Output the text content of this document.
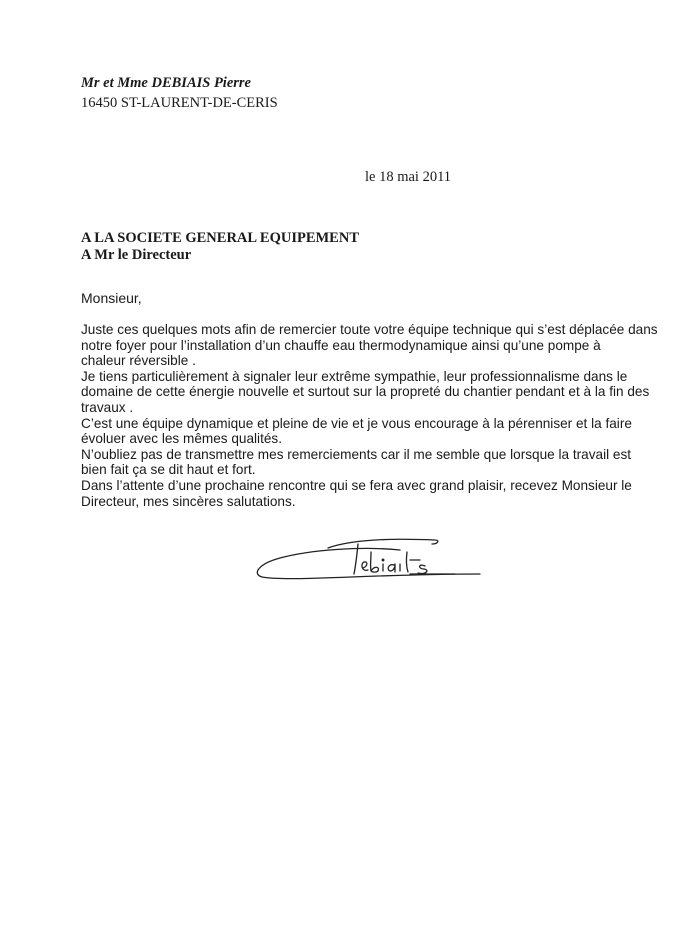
Mr et Mme DEBIAIS Pierre
16450 ST-LAURENT-DE-CERIS
le 18 mai 2011
A LA SOCIETE GENERAL EQUIPEMENT
A Mr le Directeur
Monsieur,
Juste ces quelques mots afin de remercier toute votre équipe technique qui s’est déplacée dans
notre foyer pour l’installation d’un chauffe eau thermodynamique ainsi qu’une pompe à
chaleur réversible .
Je tiens particulièrement à signaler leur extrême sympathie, leur professionnalisme dans le
domaine de cette énergie nouvelle et surtout sur la propreté du chantier pendant et à la fin des
travaux .
C’est une équipe dynamique et pleine de vie et je vous encourage à la pérenniser et la faire
évoluer avec les mêmes qualités.
N’oubliez pas de transmettre mes remerciements car il me semble que lorsque la travail est
bien fait ça se dit haut et fort.
Dans l’attente d’une prochaine rencontre qui se fera avec grand plaisir, recevez Monsieur le
Directeur, mes sincères salutations.
